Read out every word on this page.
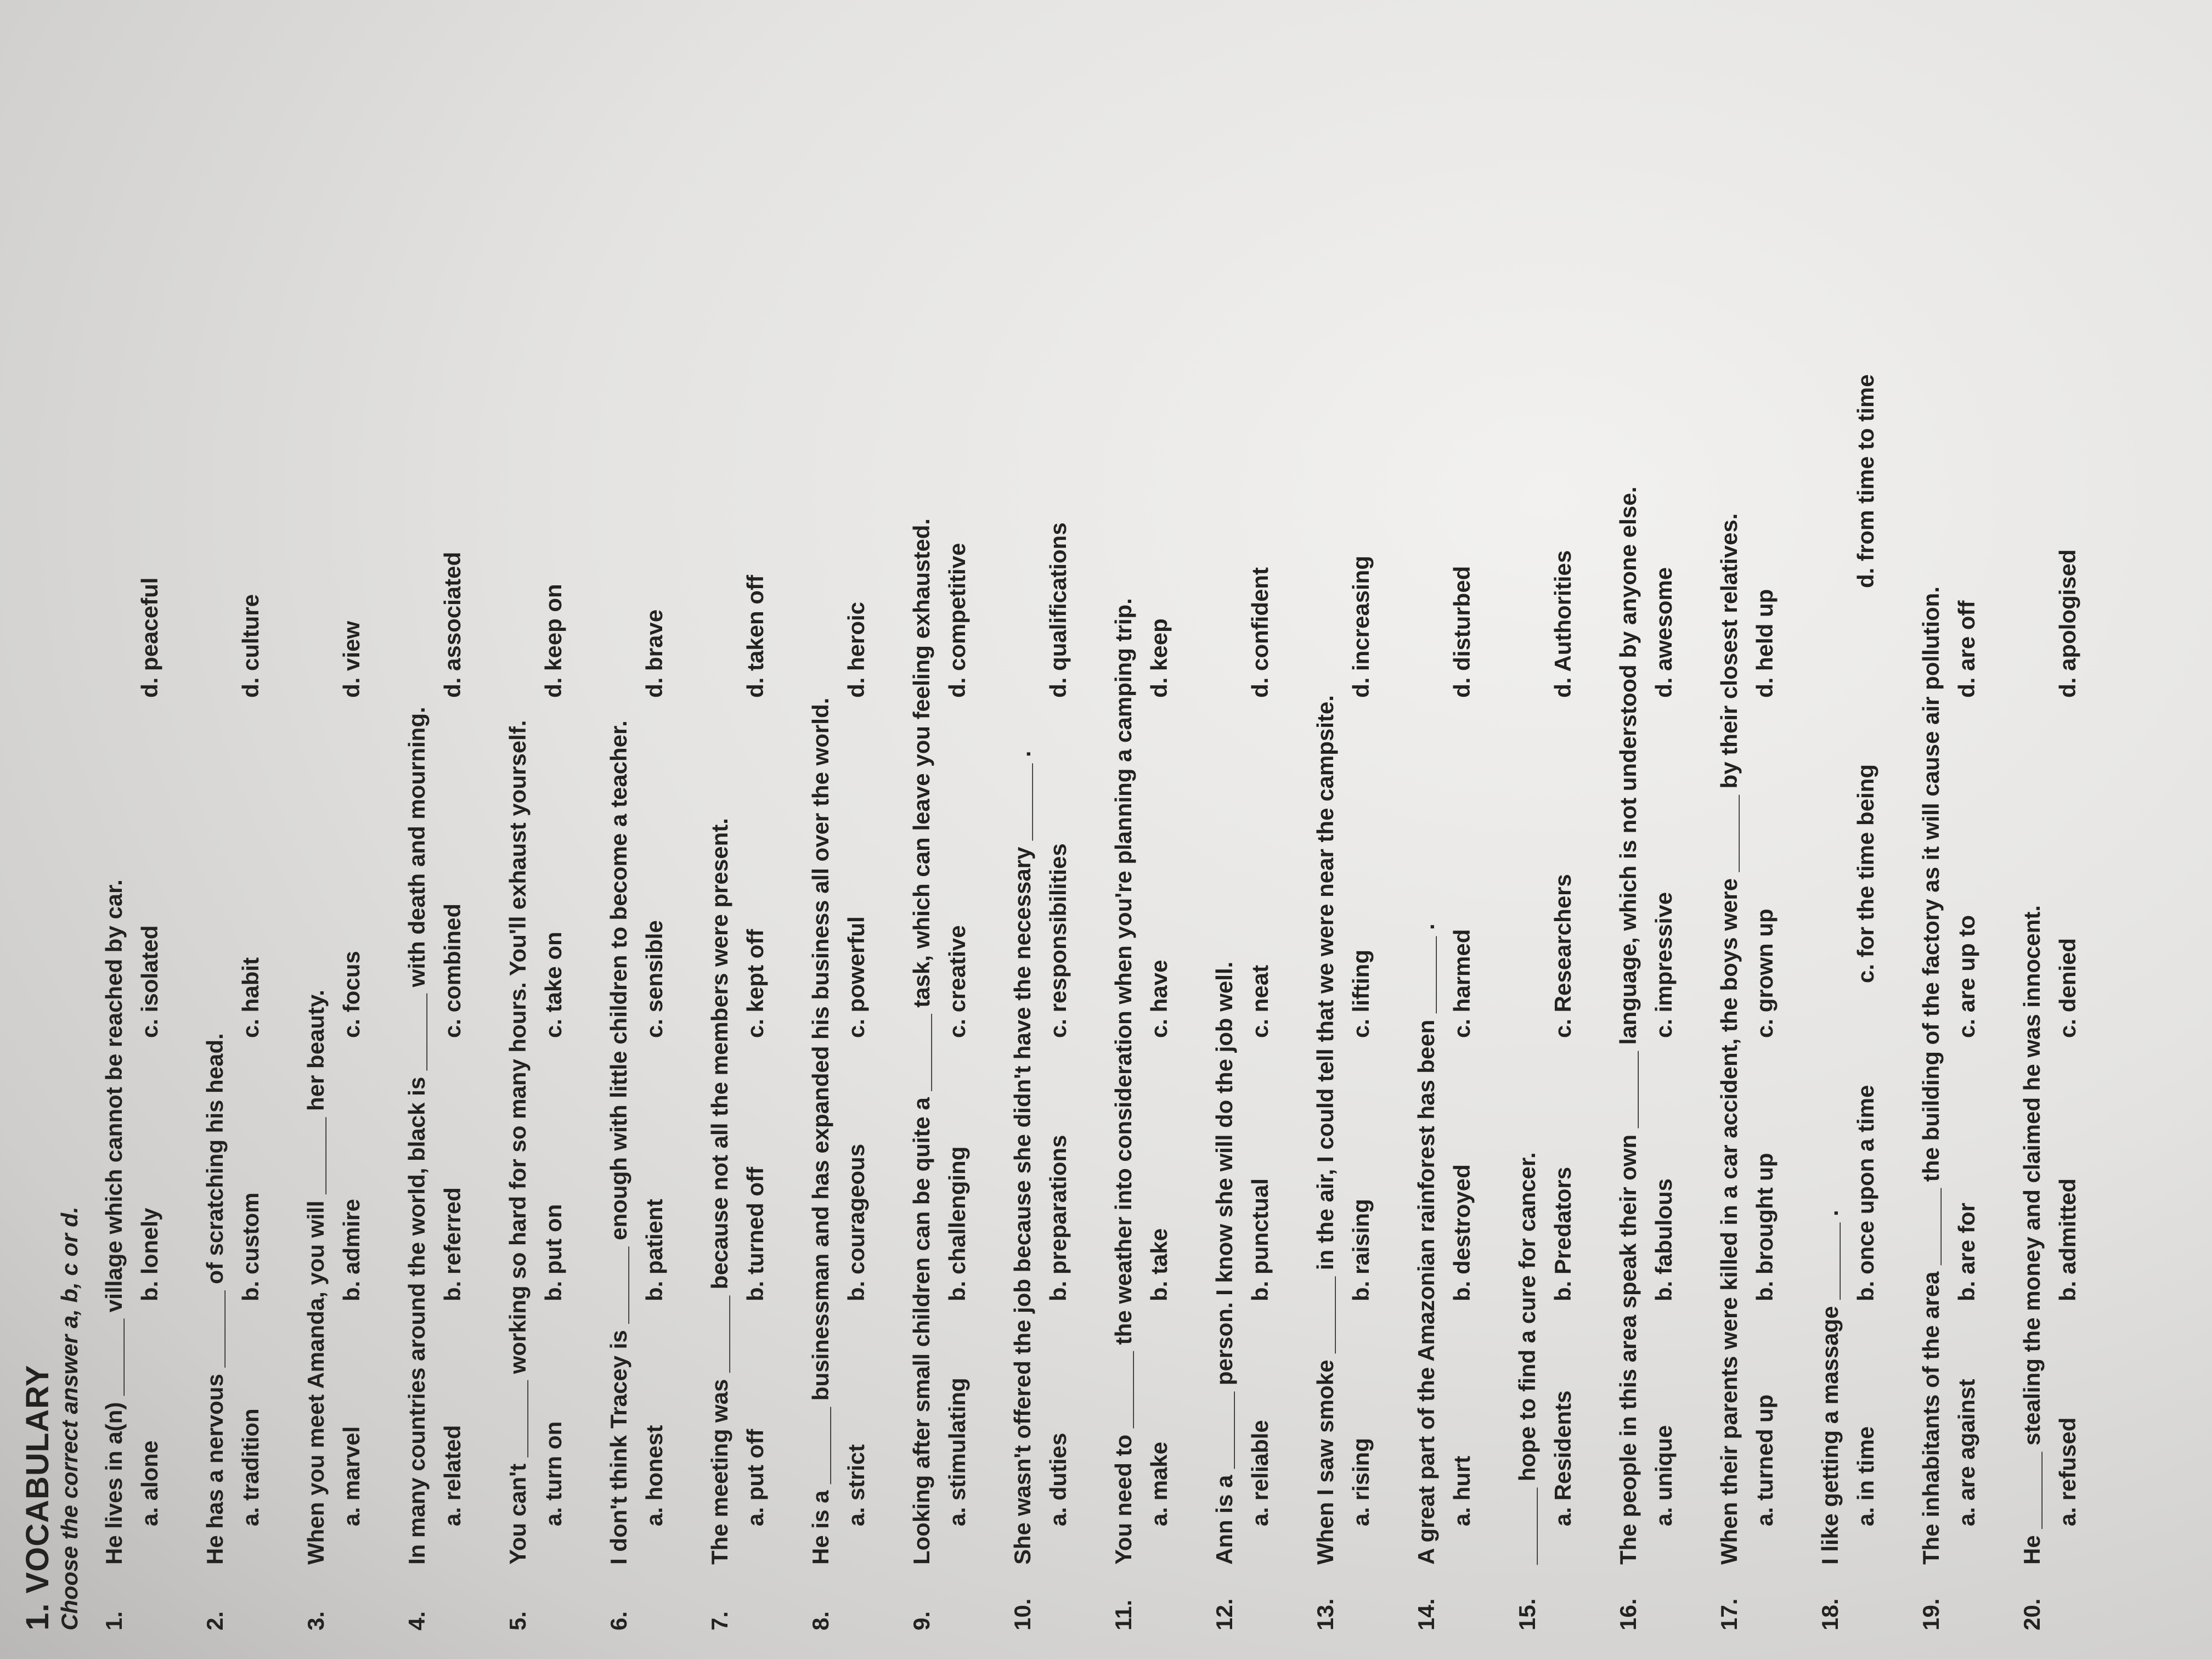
1. VOCABULARY Choose the correct answer a, b, c or d. 1.He lives in a(n) ______ village which cannot be reached by car. a. alone
b. lonely
c. isolated
d. peaceful
2.He has a nervous ______ of scratching his head. a. tradition
b. custom
c. habit
d. culture
3.When you meet Amanda, you will ______ her beauty. a. marvel
b. admire
c. focus
d. view
4.In many countries around the world, black is ______ with death and mourning. a. related
b. referred
c. combined
d. associated
5.You can't ______ working so hard for so many hours. You'll exhaust yourself. a. turn on
b. put on
c. take on
d. keep on
6.I don't think Tracey is ______ enough with little children to become a teacher. a. honest
b. patient
c. sensible
d. brave
7.The meeting was ______ because not all the members were present. a. put off
b. turned off
c. kept off
d. taken off
8.He is a ______ businessman and has expanded his business all over the world. a. strict
b. courageous
c. powerful
d. heroic
9.Looking after small children can be quite a ______ task, which can leave you feeling exhausted. a. stimulating
b. challenging
c. creative
d. competitive
10.She wasn't offered the job because she didn't have the necessary ______ . a. duties
b. preparations
c. responsibilities
d. qualifications
11.You need to ______ the weather into consideration when you're planning a camping trip. a. make
b. take
c. have
d. keep
12.Ann is a ______ person. I know she will do the job well. a. reliable
b. punctual
c. neat
d. confident
13.When I saw smoke ______ in the air, I could tell that we were near the campsite. a. rising
b. raising
c. lifting
d. increasing
14.A great part of the Amazonian rainforest has been ______ . a. hurt
b. destroyed
c. harmed
d. disturbed
15.______ hope to find a cure for cancer. a. Residents
b. Predators
c. Researchers
d. Authorities
16.The people in this area speak their own ______ language, which is not understood by anyone else. a. unique
b. fabulous
c. impressive
d. awesome
17.When their parents were killed in a car accident, the boys were ______ by their closest relatives. a. turned up
b. brought up
c. grown up
d. held up
18.I like getting a massage ______ . a. in time
b. once upon a time
c. for the time being
d. from time to time
19.The inhabitants of the area ______ the building of the factory as it will cause air pollution. a. are against
b. are for
c. are up to
d. are off
20.He ______ stealing the money and claimed he was innocent. a. refused
b. admitted
c. denied
d. apologised
